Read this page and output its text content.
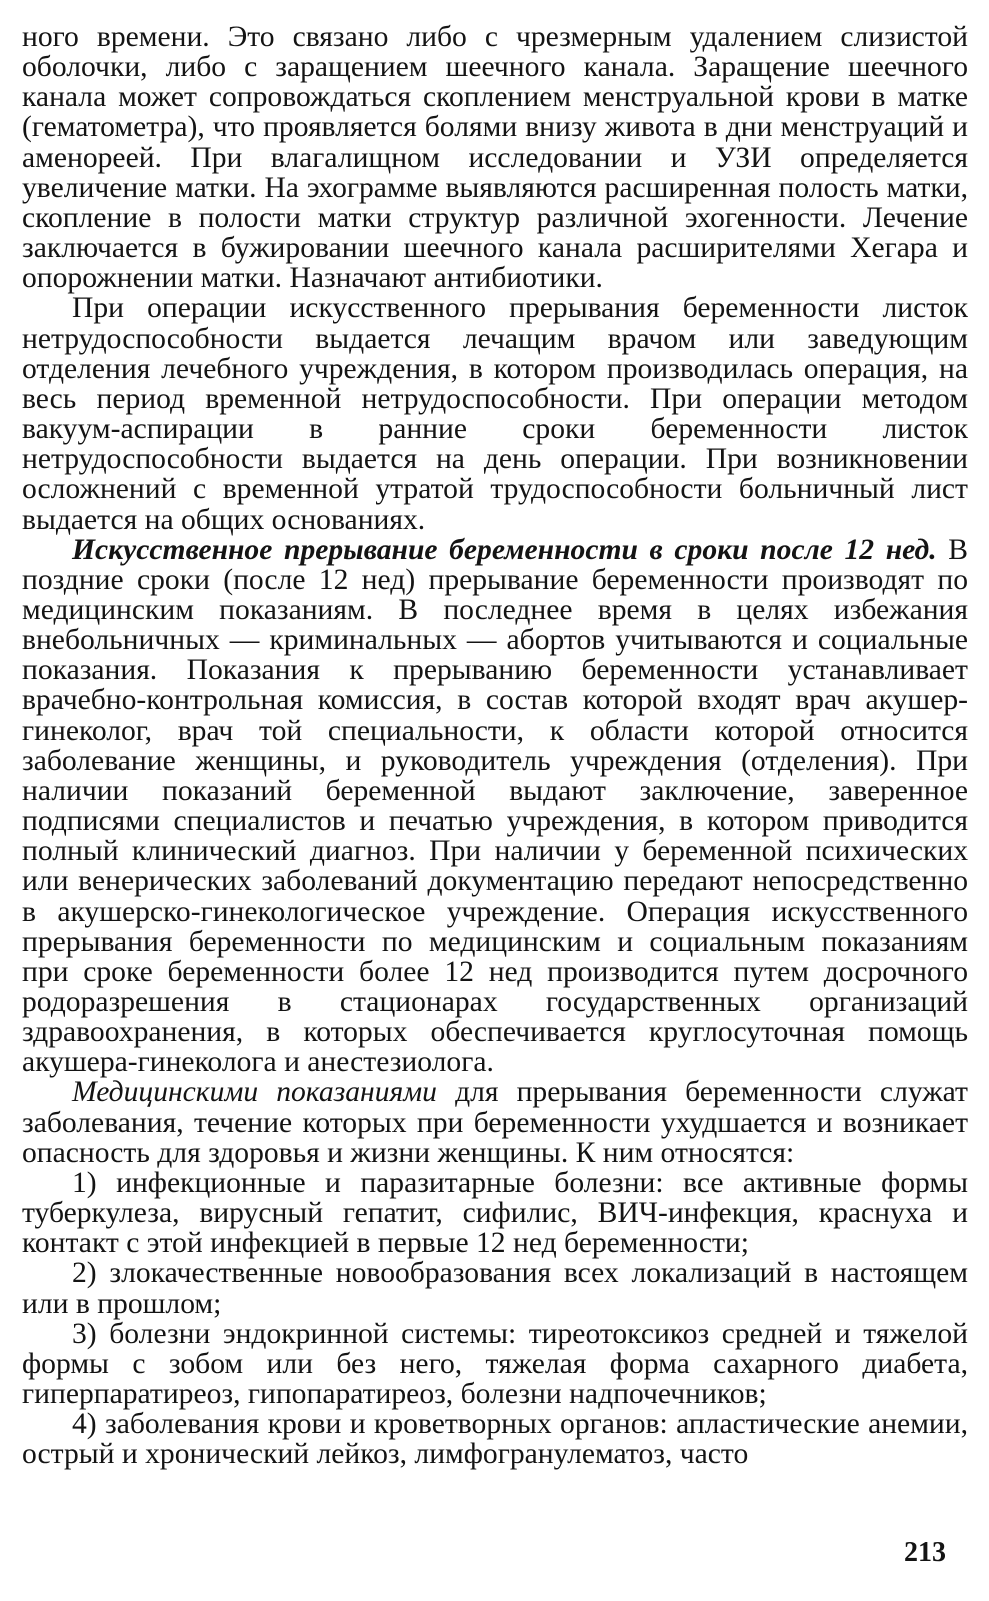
ного времени. Это связано либо с чрезмерным удалением слизистой оболочки, либо с заращением шеечного канала. Заращение шеечного канала может сопровождаться скоплением менструальной крови в матке (гематометра), что проявляется болями внизу живота в дни менструаций и аменореей. При влагалищном исследовании и УЗИ определяется увеличение матки. На эхограмме выявляются расширенная полость матки, скопление в полости матки структур различной эхогенности. Лечение заключается в бужировании шеечного канала расширителями Хегара и опорожнении матки. Назначают антибиотики.

При операции искусственного прерывания беременности листок нетрудоспособности выдается лечащим врачом или заведующим отделения лечебного учреждения, в котором производилась операция, на весь период временной нетрудоспособности. При операции методом вакуум-аспирации в ранние сроки беременности листок нетрудоспособности выдается на день операции. При возникновении осложнений с временной утратой трудоспособности больничный лист выдается на общих основаниях.

Искусственное прерывание беременности в сроки после 12 нед. В поздние сроки (после 12 нед) прерывание беременности производят по медицинским показаниям. В последнее время в целях избежания внебольничных — криминальных — абортов учитываются и социальные показания. Показания к прерыванию беременности устанавливает врачебно-контрольная комиссия, в состав которой входят врач акушер-гинеколог, врач той специальности, к области которой относится заболевание женщины, и руководитель учреждения (отделения). При наличии показаний беременной выдают заключение, заверенное подписями специалистов и печатью учреждения, в котором приводится полный клинический диагноз. При наличии у беременной психических или венерических заболеваний документацию передают непосредственно в акушерско-гинекологическое учреждение. Операция искусственного прерывания беременности по медицинским и социальным показаниям при сроке беременности более 12 нед производится путем досрочного родоразрешения в стационарах государственных организаций здравоохранения, в которых обеспечивается круглосуточная помощь акушера-гинеколога и анестезиолога.

Медицинскими показаниями для прерывания беременности служат заболевания, течение которых при беременности ухудшается и возникает опасность для здоровья и жизни женщины. К ним относятся:

1) инфекционные и паразитарные болезни: все активные формы туберкулеза, вирусный гепатит, сифилис, ВИЧ-инфекция, краснуха и контакт с этой инфекцией в первые 12 нед беременности;

2) злокачественные новообразования всех локализаций в настоящем или в прошлом;

3) болезни эндокринной системы: тиреотоксикоз средней и тяжелой формы с зобом или без него, тяжелая форма сахарного диабета, гиперпаратиреоз, гипопаратиреоз, болезни надпочечников;

4) заболевания крови и кроветворных органов: апластические анемии, острый и хронический лейкоз, лимфогранулематоз, часто

213
